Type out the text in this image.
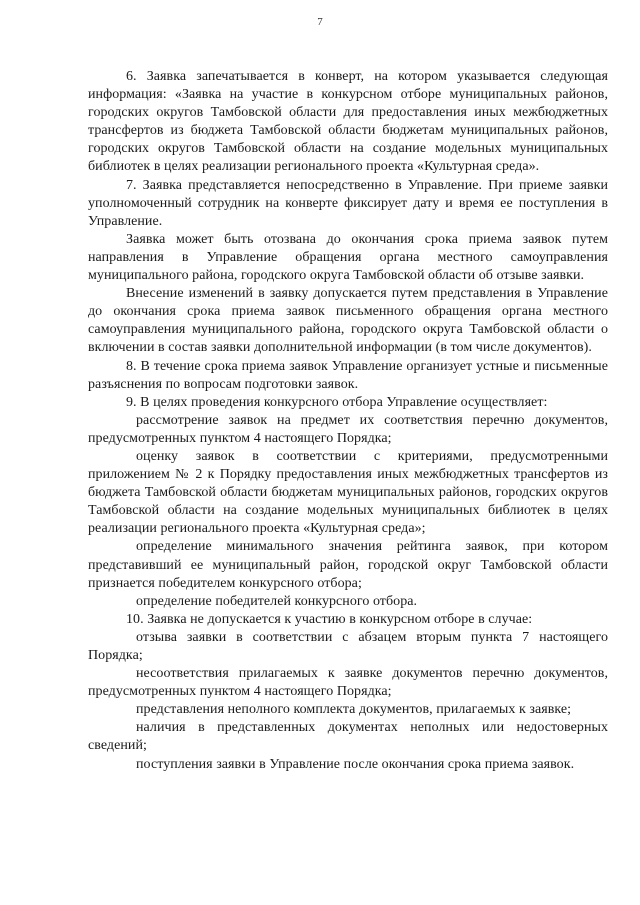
7

6. Заявка запечатывается в конверт, на котором указывается следующая информация: «Заявка на участие в конкурсном отборе муниципальных районов, городских округов Тамбовской области для предоставления иных межбюджетных трансфертов из бюджета Тамбовской области бюджетам муниципальных районов, городских округов Тамбовской области на создание модельных муниципальных библиотек в целях реализации регионального проекта «Культурная среда».

7. Заявка представляется непосредственно в Управление. При приеме заявки уполномоченный сотрудник на конверте фиксирует дату и время ее поступления в Управление.

Заявка может быть отозвана до окончания срока приема заявок путем направления в Управление обращения органа местного самоуправления муниципального района, городского округа Тамбовской области об отзыве заявки.

Внесение изменений в заявку допускается путем представления в Управление до окончания срока приема заявок письменного обращения органа местного самоуправления муниципального района, городского округа Тамбовской области о включении в состав заявки дополнительной информации (в том числе документов).

8. В течение срока приема заявок Управление организует устные и письменные разъяснения по вопросам подготовки заявок.

9. В целях проведения конкурсного отбора Управление осуществляет:

рассмотрение заявок на предмет их соответствия перечню документов, предусмотренных пунктом 4 настоящего Порядка;

оценку заявок в соответствии с критериями, предусмотренными приложением № 2 к Порядку предоставления иных межбюджетных трансфертов из бюджета Тамбовской области бюджетам муниципальных районов, городских округов Тамбовской области на создание модельных муниципальных библиотек в целях реализации регионального проекта «Культурная среда»;

определение минимального значения рейтинга заявок, при котором представивший ее муниципальный район, городской округ Тамбовской области признается победителем конкурсного отбора;

определение победителей конкурсного отбора.

10. Заявка не допускается к участию в конкурсном отборе в случае:

отзыва заявки в соответствии с абзацем вторым пункта 7 настоящего Порядка;

несоответствия прилагаемых к заявке документов перечню документов, предусмотренных пунктом 4 настоящего Порядка;

представления неполного комплекта документов, прилагаемых к заявке;

наличия в представленных документах неполных или недостоверных сведений;

поступления заявки в Управление после окончания срока приема заявок.
